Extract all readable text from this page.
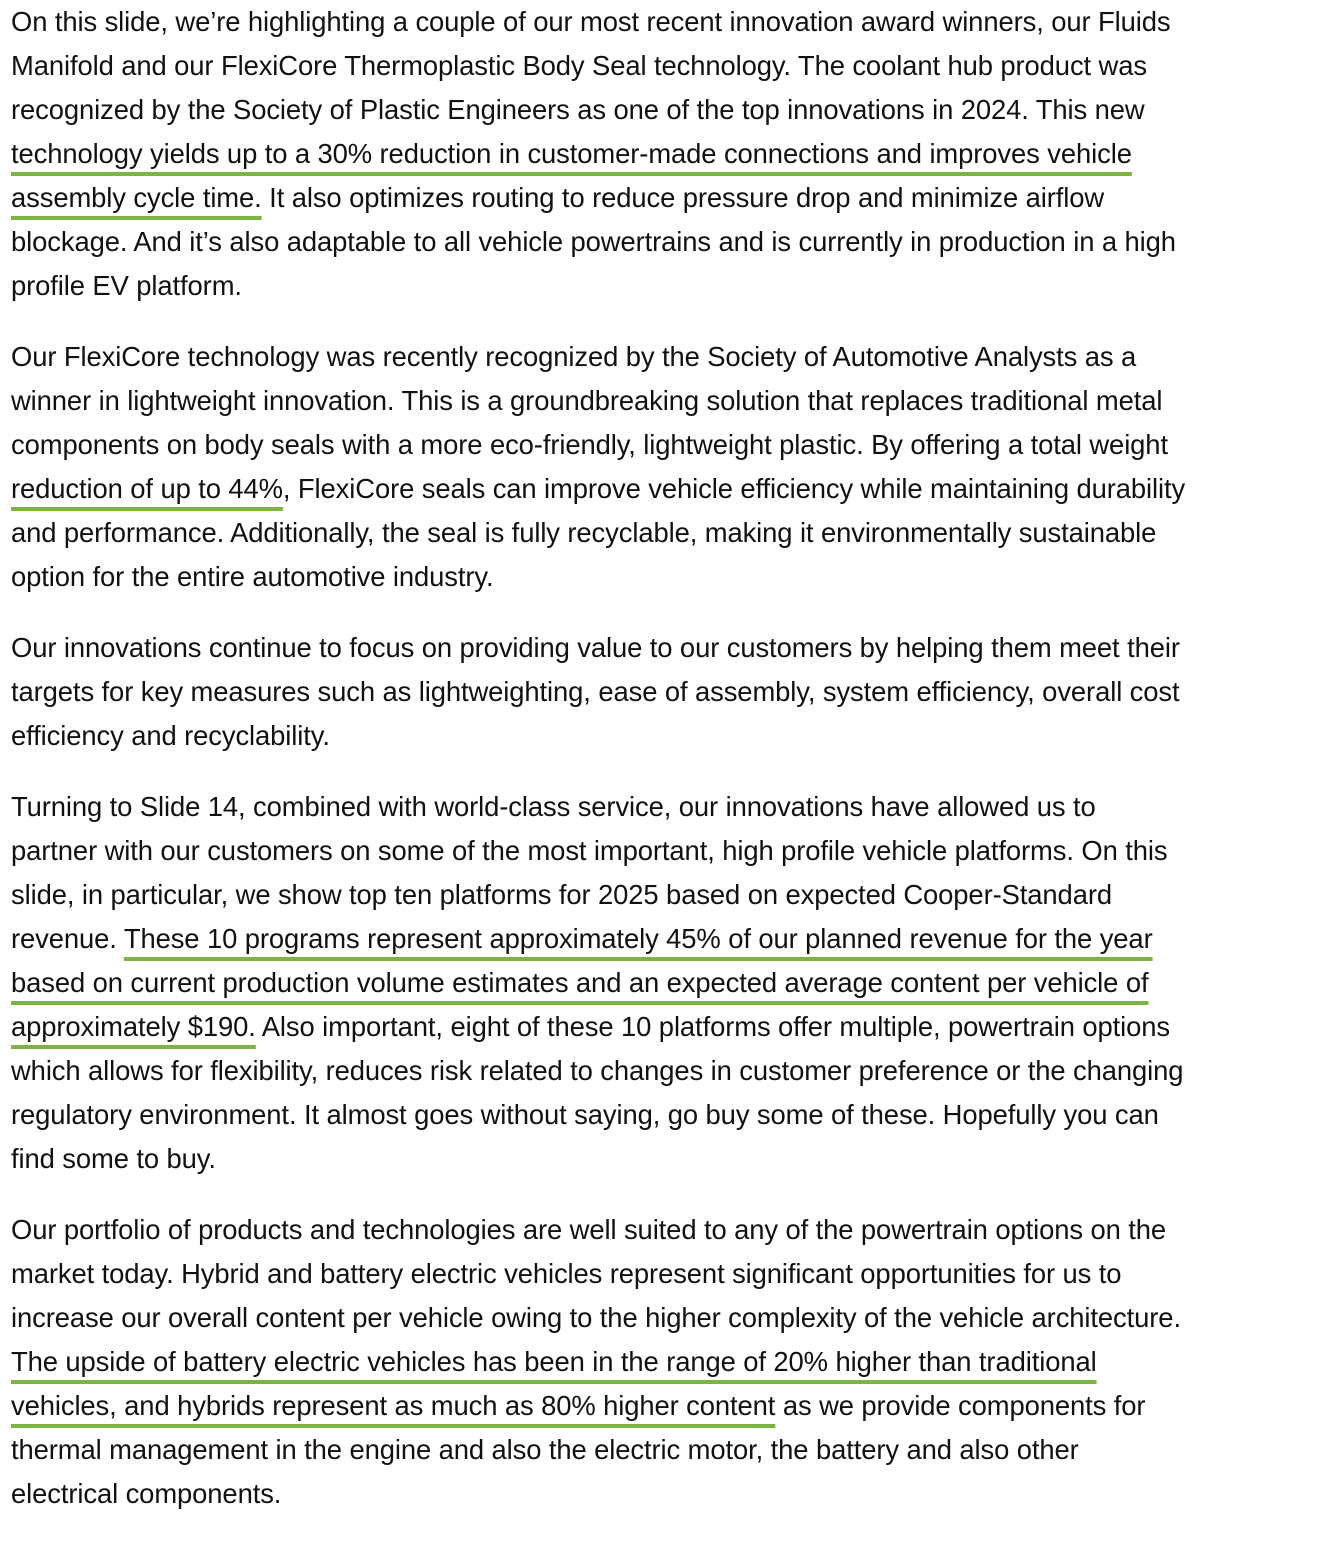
On this slide, we’re highlighting a couple of our most recent innovation award winners, our Fluids
Manifold and our FlexiCore Thermoplastic Body Seal technology. The coolant hub product was
recognized by the Society of Plastic Engineers as one of the top innovations in 2024. This new
technology yields up to a 30% reduction in customer-made connections and improves vehicle
assembly cycle time. It also optimizes routing to reduce pressure drop and minimize airflow
blockage. And it’s also adaptable to all vehicle powertrains and is currently in production in a high
profile EV platform.
Our FlexiCore technology was recently recognized by the Society of Automotive Analysts as a
winner in lightweight innovation. This is a groundbreaking solution that replaces traditional metal
components on body seals with a more eco-friendly, lightweight plastic. By offering a total weight
reduction of up to 44%, FlexiCore seals can improve vehicle efficiency while maintaining durability
and performance. Additionally, the seal is fully recyclable, making it environmentally sustainable
option for the entire automotive industry.
Our innovations continue to focus on providing value to our customers by helping them meet their
targets for key measures such as lightweighting, ease of assembly, system efficiency, overall cost
efficiency and recyclability.
Turning to Slide 14, combined with world-class service, our innovations have allowed us to
partner with our customers on some of the most important, high profile vehicle platforms. On this
slide, in particular, we show top ten platforms for 2025 based on expected Cooper-Standard
revenue. These 10 programs represent approximately 45% of our planned revenue for the year
based on current production volume estimates and an expected average content per vehicle of
approximately $190. Also important, eight of these 10 platforms offer multiple, powertrain options
which allows for flexibility, reduces risk related to changes in customer preference or the changing
regulatory environment. It almost goes without saying, go buy some of these. Hopefully you can
find some to buy.
Our portfolio of products and technologies are well suited to any of the powertrain options on the
market today. Hybrid and battery electric vehicles represent significant opportunities for us to
increase our overall content per vehicle owing to the higher complexity of the vehicle architecture.
The upside of battery electric vehicles has been in the range of 20% higher than traditional
vehicles, and hybrids represent as much as 80% higher content as we provide components for
thermal management in the engine and also the electric motor, the battery and also other
electrical components.
